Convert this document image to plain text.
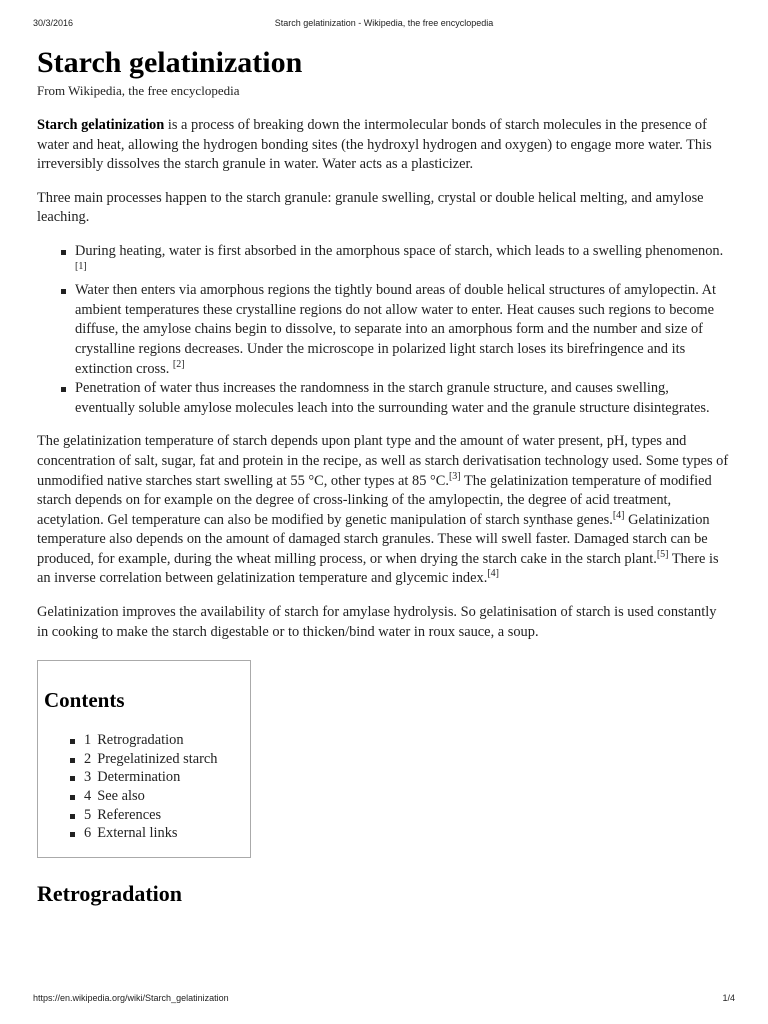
30/3/2016	Starch gelatinization - Wikipedia, the free encyclopedia
Starch gelatinization
From Wikipedia, the free encyclopedia

Starch gelatinization is a process of breaking down the intermolecular bonds of starch molecules in the presence of water and heat, allowing the hydrogen bonding sites (the hydroxyl hydrogen and oxygen) to engage more water. This irreversibly dissolves the starch granule in water. Water acts as a plasticizer.

Three main processes happen to the starch granule: granule swelling, crystal or double helical melting, and amylose leaching.

During heating, water is first absorbed in the amorphous space of starch, which leads to a swelling phenomenon.[1]
Water then enters via amorphous regions the tightly bound areas of double helical structures of amylopectin. At ambient temperatures these crystalline regions do not allow water to enter. Heat causes such regions to become diffuse, the amylose chains begin to dissolve, to separate into an amorphous form and the number and size of crystalline regions decreases. Under the microscope in polarized light starch loses its birefringence and its extinction cross. [2]
Penetration of water thus increases the randomness in the starch granule structure, and causes swelling, eventually soluble amylose molecules leach into the surrounding water and the granule structure disintegrates.

The gelatinization temperature of starch depends upon plant type and the amount of water present, pH, types and concentration of salt, sugar, fat and protein in the recipe, as well as starch derivatisation technology used. Some types of unmodified native starches start swelling at 55 °C, other types at 85 °C.[3] The gelatinization temperature of modified starch depends on for example on the degree of cross-linking of the amylopectin, the degree of acid treatment, acetylation. Gel temperature can also be modified by genetic manipulation of starch synthase genes.[4] Gelatinization temperature also depends on the amount of damaged starch granules. These will swell faster. Damaged starch can be produced, for example, during the wheat milling process, or when drying the starch cake in the starch plant.[5] There is an inverse correlation between gelatinization temperature and glycemic index.[4]

Gelatinization improves the availability of starch for amylase hydrolysis. So gelatinisation of starch is used constantly in cooking to make the starch digestable or to thicken/bind water in roux sauce, a soup.

Contents
1 Retrogradation
2 Pregelatinized starch
3 Determination
4 See also
5 References
6 External links
Retrogradation
https://en.wikipedia.org/wiki/Starch_gelatinization	1/4
